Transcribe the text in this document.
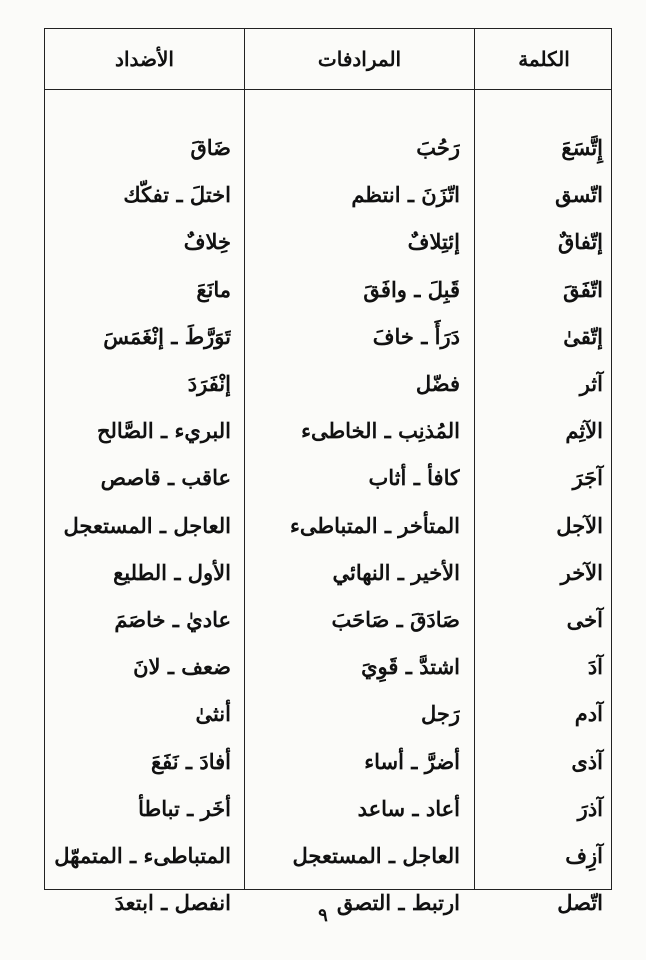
الكلمة
المرادفات
الأضداد
إِتَّسَعَ
رَحُبَ
ضَاقَ
اتّسق
اتّزَنَ ـ انتظم
اختلَ ـ تفكّك
إتّفاقٌ
إئتِلافٌ
خِلافٌ
اتّفَقَ
قَبِلَ ـ وافَقَ
مانَعَ
إتّقىٰ
دَرَأَ ـ خافَ
تَوَرَّطَ ـ إنْغَمَسَ
آثر
فضّل
إنْفَرَدَ
الآثِم
المُذنِب ـ الخاطىء
البريء ـ الصَّالح
آجَرَ
كافأ ـ أثاب
عاقب ـ قاصص
الآجل
المتأخر ـ المتباطىء
العاجل ـ المستعجل
الآخر
الأخير ـ النهائي
الأول ـ الطليع
آخى
صَادَقَ ـ صَاحَبَ
عاديٰ ـ خاصَمَ
آدَ
اشتدَّ ـ قَوِيَ
ضعف ـ لانَ
آدم
رَجل
أنثىٰ
آذى
أضرَّ ـ أساء
أفادَ ـ نَفَعَ
آذرَ
أعاد ـ ساعد
أخَر ـ تباطأ
آزِف
العاجل ـ المستعجل
المتباطىء ـ المتمهّل
اتّصل
ارتبط ـ التصق
انفصل ـ ابتعدَ
٩
